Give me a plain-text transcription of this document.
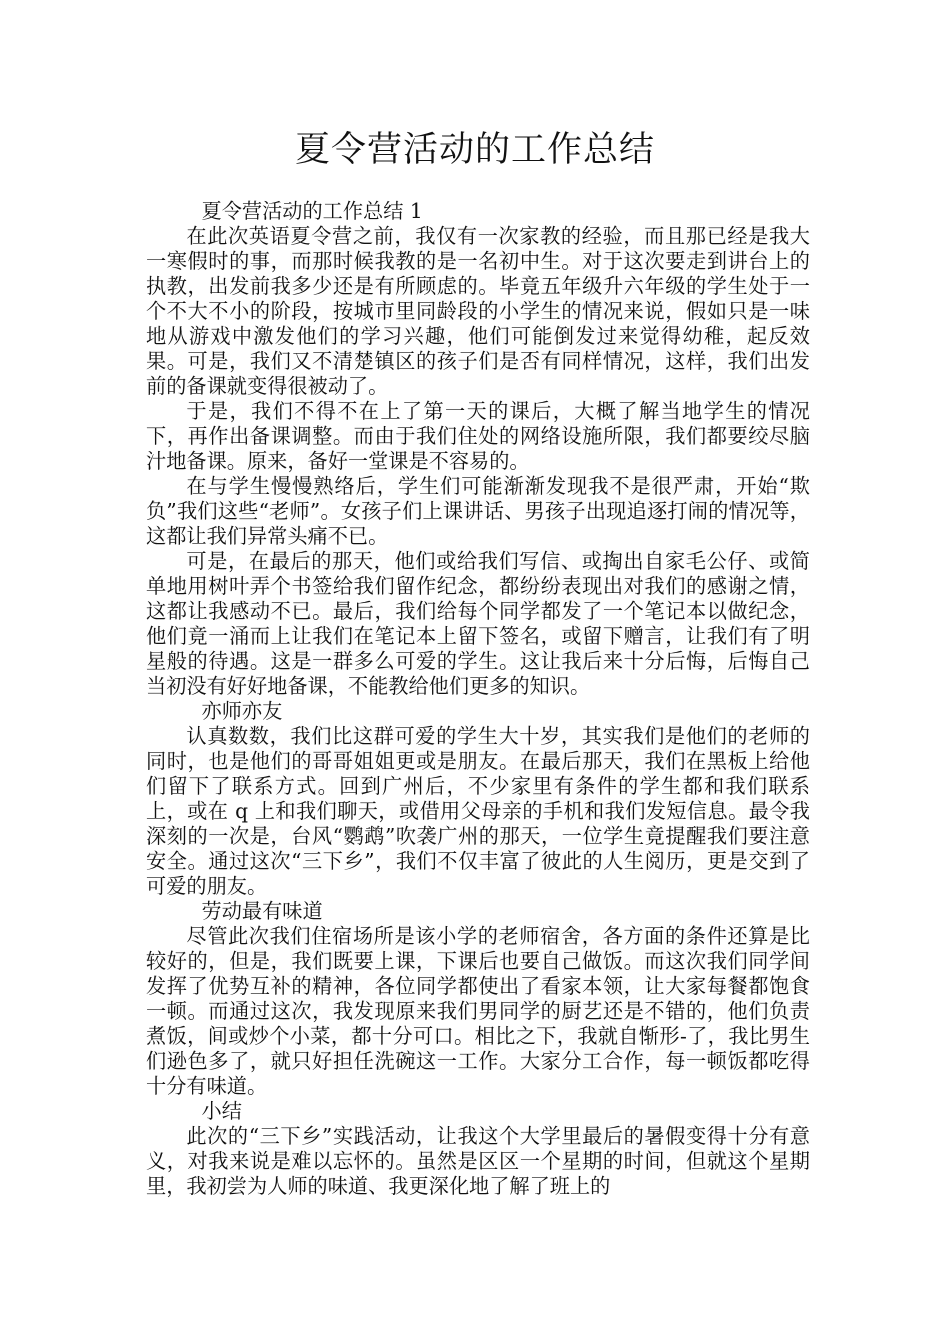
夏令营活动的工作总结

夏令营活动的工作总结 1

在此次英语夏令营之前，我仅有一次家教的经验，而且那已经是我大一寒假时的事，而那时候我教的是一名初中生。对于这次要走到讲台上的执教，出发前我多少还是有所顾虑的。毕竟五年级升六年级的学生处于一个不大不小的阶段，按城市里同龄段的小学生的情况来说，假如只是一味地从游戏中激发他们的学习兴趣，他们可能倒发过来觉得幼稚，起反效果。可是，我们又不清楚镇区的孩子们是否有同样情况，这样，我们出发前的备课就变得很被动了。

于是，我们不得不在上了第一天的课后，大概了解当地学生的情况下，再作出备课调整。而由于我们住处的网络设施所限，我们都要绞尽脑汁地备课。原来，备好一堂课是不容易的。

在与学生慢慢熟络后，学生们可能渐渐发现我不是很严肃，开始“欺负”我们这些“老师”。女孩子们上课讲话、男孩子出现追逐打闹的情况等，这都让我们异常头痛不已。

可是，在最后的那天，他们或给我们写信、或掏出自家毛公仔、或简单地用树叶弄个书签给我们留作纪念，都纷纷表现出对我们的感谢之情，这都让我感动不已。最后，我们给每个同学都发了一个笔记本以做纪念，他们竟一涌而上让我们在笔记本上留下签名，或留下赠言，让我们有了明星般的待遇。这是一群多么可爱的学生。这让我后来十分后悔，后悔自己当初没有好好地备课，不能教给他们更多的知识。

亦师亦友

认真数数，我们比这群可爱的学生大十岁，其实我们是他们的老师的同时，也是他们的哥哥姐姐更或是朋友。在最后那天，我们在黑板上给他们留下了联系方式。回到广州后，不少家里有条件的学生都和我们联系上，或在 q 上和我们聊天，或借用父母亲的手机和我们发短信息。最令我深刻的一次是，台风“鹦鹉”吹袭广州的那天，一位学生竟提醒我们要注意安全。通过这次“三下乡”，我们不仅丰富了彼此的人生阅历，更是交到了可爱的朋友。

劳动最有味道

尽管此次我们住宿场所是该小学的老师宿舍，各方面的条件还算是比较好的，但是，我们既要上课，下课后也要自己做饭。而这次我们同学间发挥了优势互补的精神，各位同学都使出了看家本领，让大家每餐都饱食一顿。而通过这次，我发现原来我们男同学的厨艺还是不错的，他们负责煮饭，间或炒个小菜，都十分可口。相比之下，我就自惭形-了，我比男生们逊色多了，就只好担任洗碗这一工作。大家分工合作，每一顿饭都吃得十分有味道。

小结

此次的“三下乡”实践活动，让我这个大学里最后的暑假变得十分有意义，对我来说是难以忘怀的。虽然是区区一个星期的时间，但就这个星期里，我初尝为人师的味道、我更深化地了解了班上的
